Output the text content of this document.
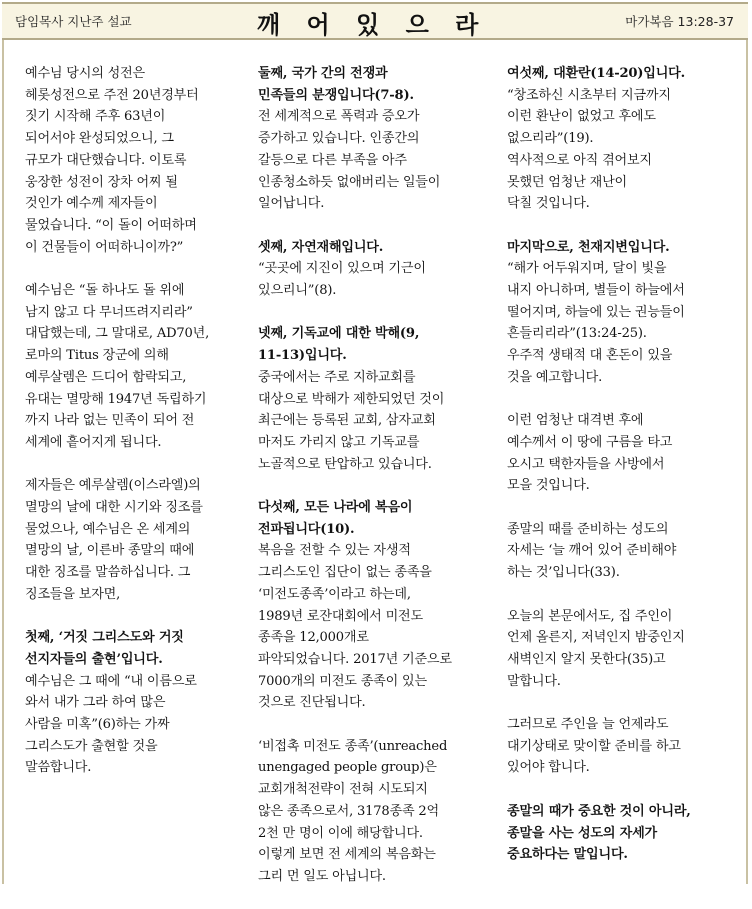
담임목사 지난주 설교	깨 어 있 으 라	마가복음 13:28-37
예수님 당시의 성전은
헤롯성전으로 주전 20년경부터
짓기 시작해 주후 63년이
되어서야 완성되었으니, 그
규모가 대단했습니다. 이토록
웅장한 성전이 장차 어찌 될
것인가 예수께 제자들이
물었습니다. “이 돌이 어떠하며
이 건물들이 어떠하니이까?”
예수님은 “돌 하나도 돌 위에
남지 않고 다 무너뜨려지리라”
대답했는데, 그 말대로, AD70년,
로마의 Titus 장군에 의해
예루살렘은 드디어 함락되고,
유대는 멸망해 1947년 독립하기
까지 나라 없는 민족이 되어 전
세계에 흩어지게 됩니다.
제자들은 예루살렘(이스라엘)의
멸망의 날에 대한 시기와 징조를
물었으나, 예수님은 온 세계의
멸망의 날, 이른바 종말의 때에
대한 징조를 말씀하십니다. 그
징조들을 보자면,
첫째, ‘거짓 그리스도와 거짓
선지자들의 출현’입니다.
예수님은 그 때에 “내 이름으로
와서 내가 그라 하여 많은
사람을 미혹”(6)하는 가짜
그리스도가 출현할 것을
말씀합니다.
둘째, 국가 간의 전쟁과
민족들의 분쟁입니다(7-8).
전 세계적으로 폭력과 증오가
증가하고 있습니다. 인종간의
갈등으로 다른 부족을 아주
인종청소하듯 없애버리는 일들이
일어납니다.
셋째, 자연재해입니다.
“곳곳에 지진이 있으며 기근이
있으리니”(8).
넷째, 기독교에 대한 박해(9,
11-13)입니다.
중국에서는 주로 지하교회를
대상으로 박해가 제한되었던 것이
최근에는 등록된 교회, 삼자교회
마저도 가리지 않고 기독교를
노골적으로 탄압하고 있습니다.
다섯째, 모든 나라에 복음이
전파됩니다(10).
복음을 전할 수 있는 자생적
그리스도인 집단이 없는 종족을
‘미전도종족’이라고 하는데,
1989년 로잔대회에서 미전도
종족을 12,000개로
파악되었습니다. 2017년 기준으로
7000개의 미전도 종족이 있는
것으로 진단됩니다.
‘비접촉 미전도 종족’(unreached
unengaged people group)은
교회개척전략이 전혀 시도되지
않은 종족으로서, 3178종족 2억
2천 만 명이 이에 해당합니다.
이렇게 보면 전 세계의 복음화는
그리 먼 일도 아닙니다.
여섯째, 대환란(14-20)입니다.
“창조하신 시초부터 지금까지
이런 환난이 없었고 후에도
없으리라”(19).
역사적으로 아직 겪어보지
못했던 엄청난 재난이
닥칠 것입니다.
마지막으로, 천재지변입니다.
“해가 어두워지며, 달이 빛을
내지 아니하며, 별들이 하늘에서
떨어지며, 하늘에 있는 권능들이
흔들리리라”(13:24-25).
우주적 생태적 대 혼돈이 있을
것을 예고합니다.
이런 엄청난 대격변 후에
예수께서 이 땅에 구름을 타고
오시고 택한자들을 사방에서
모을 것입니다.
종말의 때를 준비하는 성도의
자세는 ‘늘 깨어 있어 준비해야
하는 것’입니다(33).
오늘의 본문에서도, 집 주인이
언제 올른지, 저녁인지 밤중인지
새벽인지 알지 못한다(35)고
말합니다.
그러므로 주인을 늘 언제라도
대기상태로 맞이할 준비를 하고
있어야 합니다.
종말의 때가 중요한 것이 아니라,
종말을 사는 성도의 자세가
중요하다는 말입니다.
